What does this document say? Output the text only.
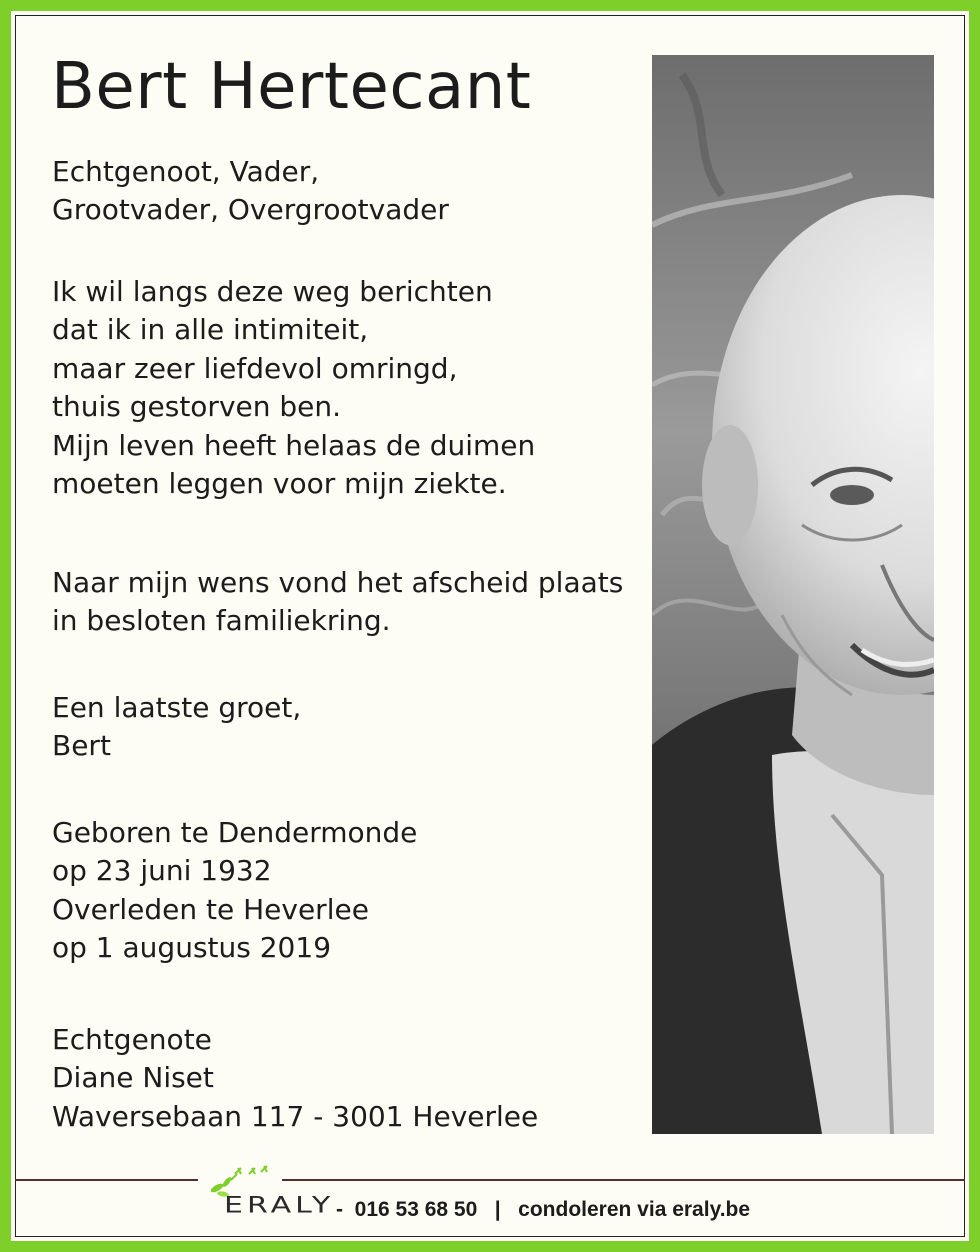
Bert Hertecant
Echtgenoot, Vader,
Grootvader, Overgrootvader
Ik wil langs deze weg berichten
dat ik in alle intimiteit,
maar zeer liefdevol omringd,
thuis gestorven ben.
Mijn leven heeft helaas de duimen
moeten leggen voor mijn ziekte.
Naar mijn wens vond het afscheid plaats
in besloten familiekring.
Een laatste groet,
Bert
Geboren te Dendermonde
op 23 juni 1932
Overleden te Heverlee
op 1 augustus 2019
Echtgenote
Diane Niset
Waversebaan 117 - 3001 Heverlee
ERALY -  016 53 68 50   |   condoleren via eraly.be
